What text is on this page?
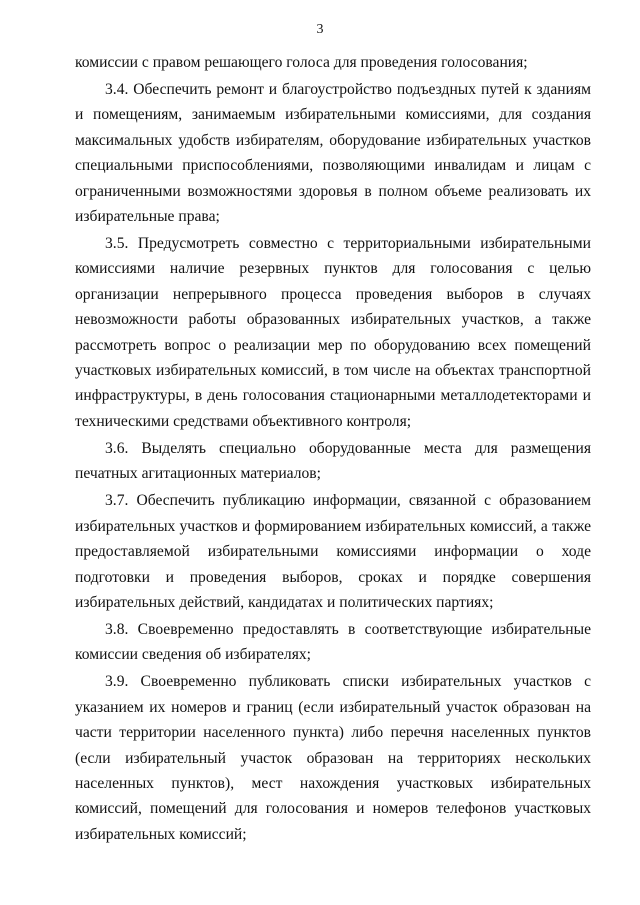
3

комиссии с правом решающего голоса для проведения голосования;

3.4. Обеспечить ремонт и благоустройство подъездных путей к зданиям и помещениям, занимаемым избирательными комиссиями, для создания максимальных удобств избирателям, оборудование избирательных участков специальными приспособлениями, позволяющими инвалидам и лицам с ограниченными возможностями здоровья в полном объеме реализовать их избирательные права;

3.5. Предусмотреть совместно с территориальными избирательными комиссиями наличие резервных пунктов для голосования с целью организации непрерывного процесса проведения выборов в случаях невозможности работы образованных избирательных участков, а также рассмотреть вопрос о реализации мер по оборудованию всех помещений участковых избирательных комиссий, в том числе на объектах транспортной инфраструктуры, в день голосования стационарными металлодетекторами и техническими средствами объективного контроля;

3.6. Выделять специально оборудованные места для размещения печатных агитационных материалов;

3.7. Обеспечить публикацию информации, связанной с образованием избирательных участков и формированием избирательных комиссий, а также предоставляемой избирательными комиссиями информации о ходе подготовки и проведения выборов, сроках и порядке совершения избирательных действий, кандидатах и политических партиях;

3.8. Своевременно предоставлять в соответствующие избирательные комиссии сведения об избирателях;

3.9. Своевременно публиковать списки избирательных участков с указанием их номеров и границ (если избирательный участок образован на части территории населенного пункта) либо перечня населенных пунктов (если избирательный участок образован на территориях нескольких населенных пунктов), мест нахождения участковых избирательных комиссий, помещений для голосования и номеров телефонов участковых избирательных комиссий;
